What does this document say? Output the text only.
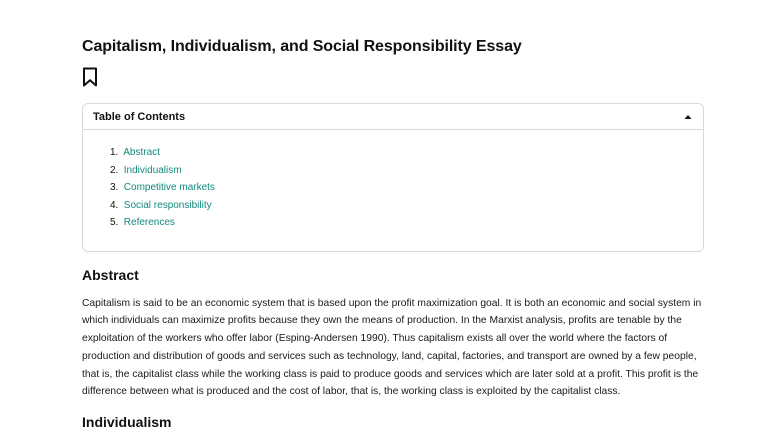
Capitalism, Individualism, and Social Responsibility Essay
Table of Contents
1. Abstract
2. Individualism
3. Competitive markets
4. Social responsibility
5. References
Abstract

Capitalism is said to be an economic system that is based upon the profit maximization goal. It is both an economic and social system in which individuals can maximize profits because they own the means of production. In the Marxist analysis, profits are tenable by the exploitation of the workers who offer labor (Esping-Andersen 1990). Thus capitalism exists all over the world where the factors of production and distribution of goods and services such as technology, land, capital, factories, and transport are owned by a few people, that is, the capitalist class while the working class is paid to produce goods and services which are later sold at a profit. This profit is the difference between what is produced and the cost of labor, that is, the working class is exploited by the capitalist class.

Individualism
